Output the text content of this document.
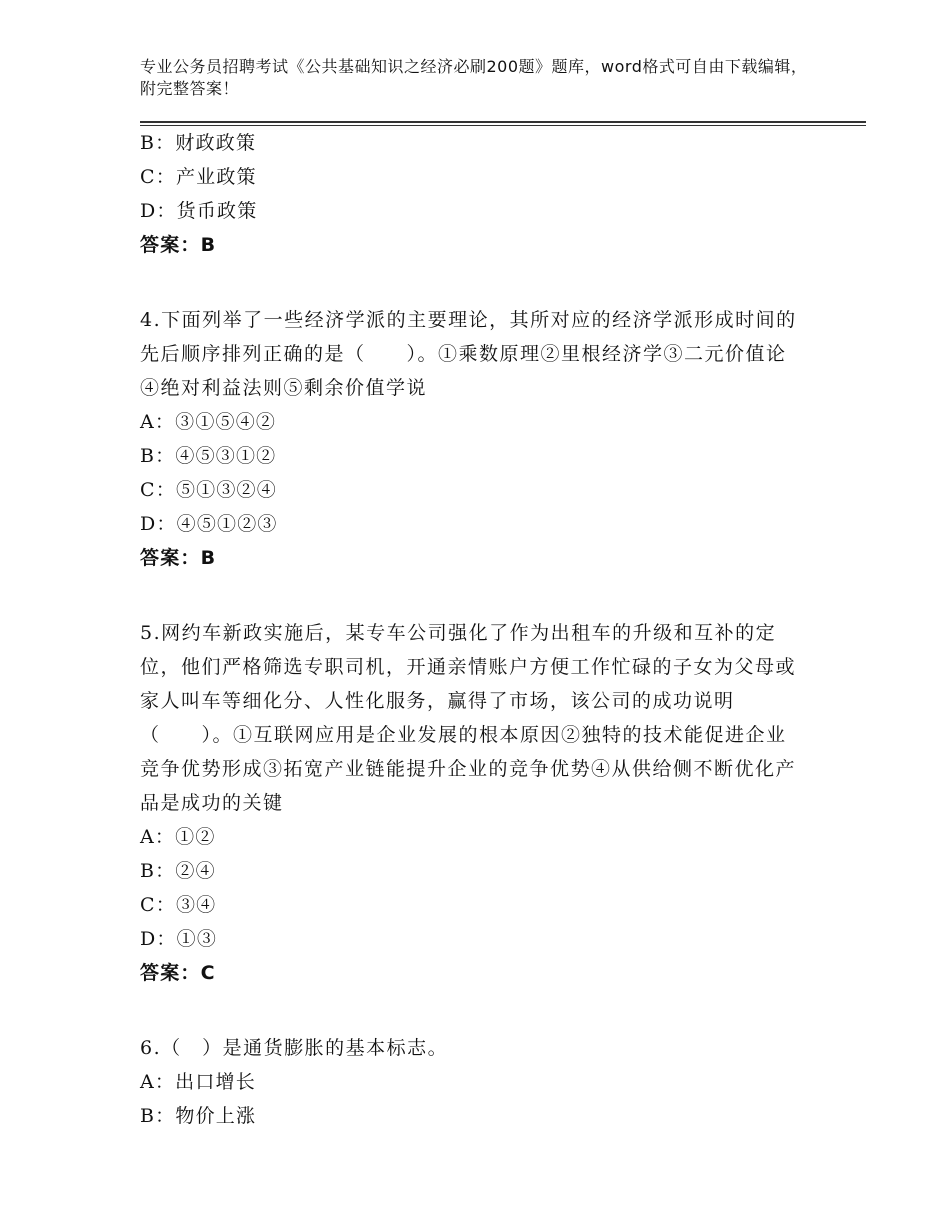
专业公务员招聘考试《公共基础知识之经济必刷200题》题库，word格式可自由下载编辑，附完整答案！

B：财政政策

C：产业政策

D：货币政策

答案：B

4.下面列举了一些经济学派的主要理论，其所对应的经济学派形成时间的先后顺序排列正确的是（　　）。①乘数原理②里根经济学③二元价值论④绝对利益法则⑤剩余价值学说

A：③①⑤④②

B：④⑤③①②

C：⑤①③②④

D：④⑤①②③

答案：B

5.网约车新政实施后，某专车公司强化了作为出租车的升级和互补的定位，他们严格筛选专职司机，开通亲情账户方便工作忙碌的子女为父母或家人叫车等细化分、人性化服务，赢得了市场，该公司的成功说明（　　）。①互联网应用是企业发展的根本原因②独特的技术能促进企业竞争优势形成③拓宽产业链能提升企业的竞争优势④从供给侧不断优化产品是成功的关键

A：①②

B：②④

C：③④

D：①③

答案：C

6.（　）是通货膨胀的基本标志。

A：出口增长

B：物价上涨
